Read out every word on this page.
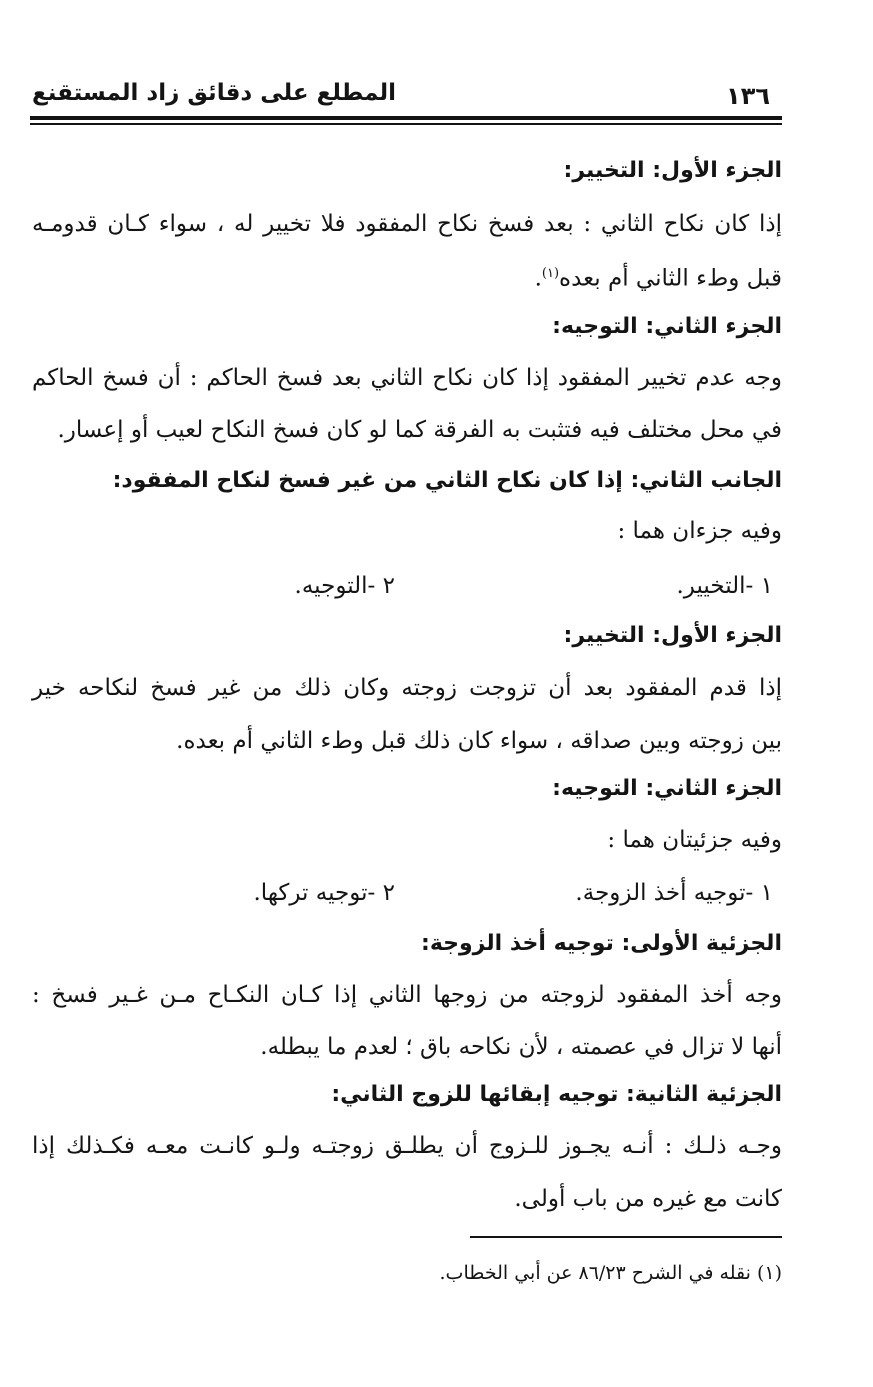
١٣٦
المطلع على دقائق زاد المستقنع
الجزء الأول: التخيير:
إذا كان نكاح الثاني : بعد فسخ نكاح المفقود فلا تخيير له ، سواء كـان قدومـه
قبل وطء الثاني أم بعده$^{(١)}$.
الجزء الثاني: التوجيه:
وجه عدم تخيير المفقود إذا كان نكاح الثاني بعد فسخ الحاكم : أن فسخ الحاكم
في محل مختلف فيه فتثبت به الفرقة كما لو كان فسخ النكاح لعيب أو إعسار.
الجانب الثاني: إذا كان نكاح الثاني من غير فسخ لنكاح المفقود:
وفيه جزءان هما :
١ -التخيير.
٢ -التوجيه.
الجزء الأول: التخيير:
إذا قدم المفقود بعد أن تزوجت زوجته وكان ذلك من غير فسخ لنكاحه خير
بين زوجته وبين صداقه ، سواء كان ذلك قبل وطء الثاني أم بعده.
الجزء الثاني: التوجيه:
وفيه جزئيتان هما :
١ -توجيه أخذ الزوجة.
٢ -توجيه تركها.
الجزئية الأولى: توجيه أخذ الزوجة:
وجه أخذ المفقود لزوجته من زوجها الثاني إذا كـان النكـاح مـن غـير فسخ :
أنها لا تزال في عصمته ، لأن نكاحه باق ؛ لعدم ما يبطله.
الجزئية الثانية: توجيه إبقائها للزوج الثاني:
وجـه ذلـك : أنـه يجـوز للـزوج أن يطلـق زوجتـه ولـو كانـت معـه فكـذلك إذا
كانت مع غيره من باب أولى.
(١) نقله في الشرح ٨٦/٢٣ عن أبي الخطاب.
